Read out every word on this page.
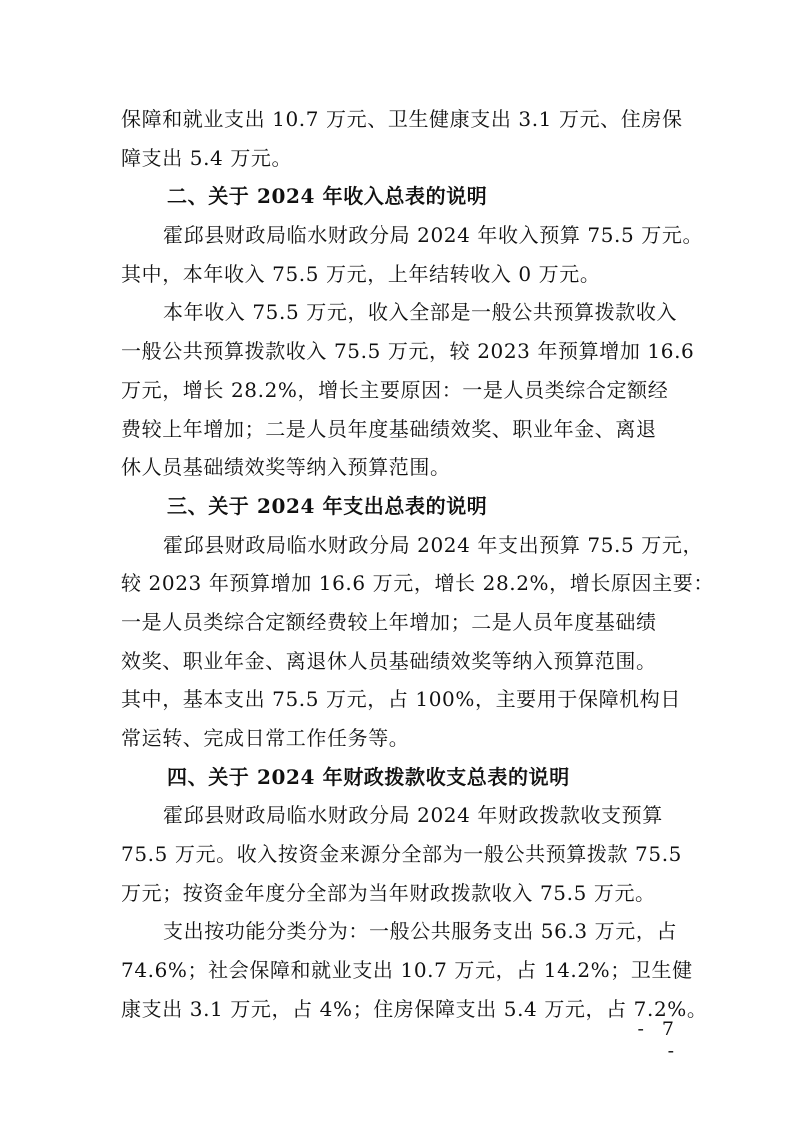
保障和就业支出 10.7 万元、卫生健康支出 3.1 万元、住房保
障支出 5.4 万元。
二、关于 2024 年收入总表的说明
霍邱县财政局临水财政分局 2024 年收入预算 75.5 万元。
其中，本年收入 75.5 万元，上年结转收入 0 万元。
本年收入 75.5 万元，收入全部是一般公共预算拨款收入
一般公共预算拨款收入 75.5 万元，较 2023 年预算增加 16.6
万元，增长 28.2%，增长主要原因：一是人员类综合定额经
费较上年增加；二是人员年度基础绩效奖、职业年金、离退
休人员基础绩效奖等纳入预算范围。
三、关于 2024 年支出总表的说明
霍邱县财政局临水财政分局 2024 年支出预算 75.5 万元，
较 2023 年预算增加 16.6 万元，增长 28.2%，增长原因主要：
一是人员类综合定额经费较上年增加；二是人员年度基础绩
效奖、职业年金、离退休人员基础绩效奖等纳入预算范围。
其中，基本支出 75.5 万元，占 100%，主要用于保障机构日
常运转、完成日常工作任务等。
四、关于 2024 年财政拨款收支总表的说明
霍邱县财政局临水财政分局 2024 年财政拨款收支预算
75.5 万元。收入按资金来源分全部为一般公共预算拨款 75.5
万元；按资金年度分全部为当年财政拨款收入 75.5 万元。
支出按功能分类分为：一般公共服务支出 56.3 万元，占
74.6%；社会保障和就业支出 10.7 万元，占 14.2%；卫生健
康支出 3.1 万元，占 4%；住房保障支出 5.4 万元，占 7.2%。
- 7 -
